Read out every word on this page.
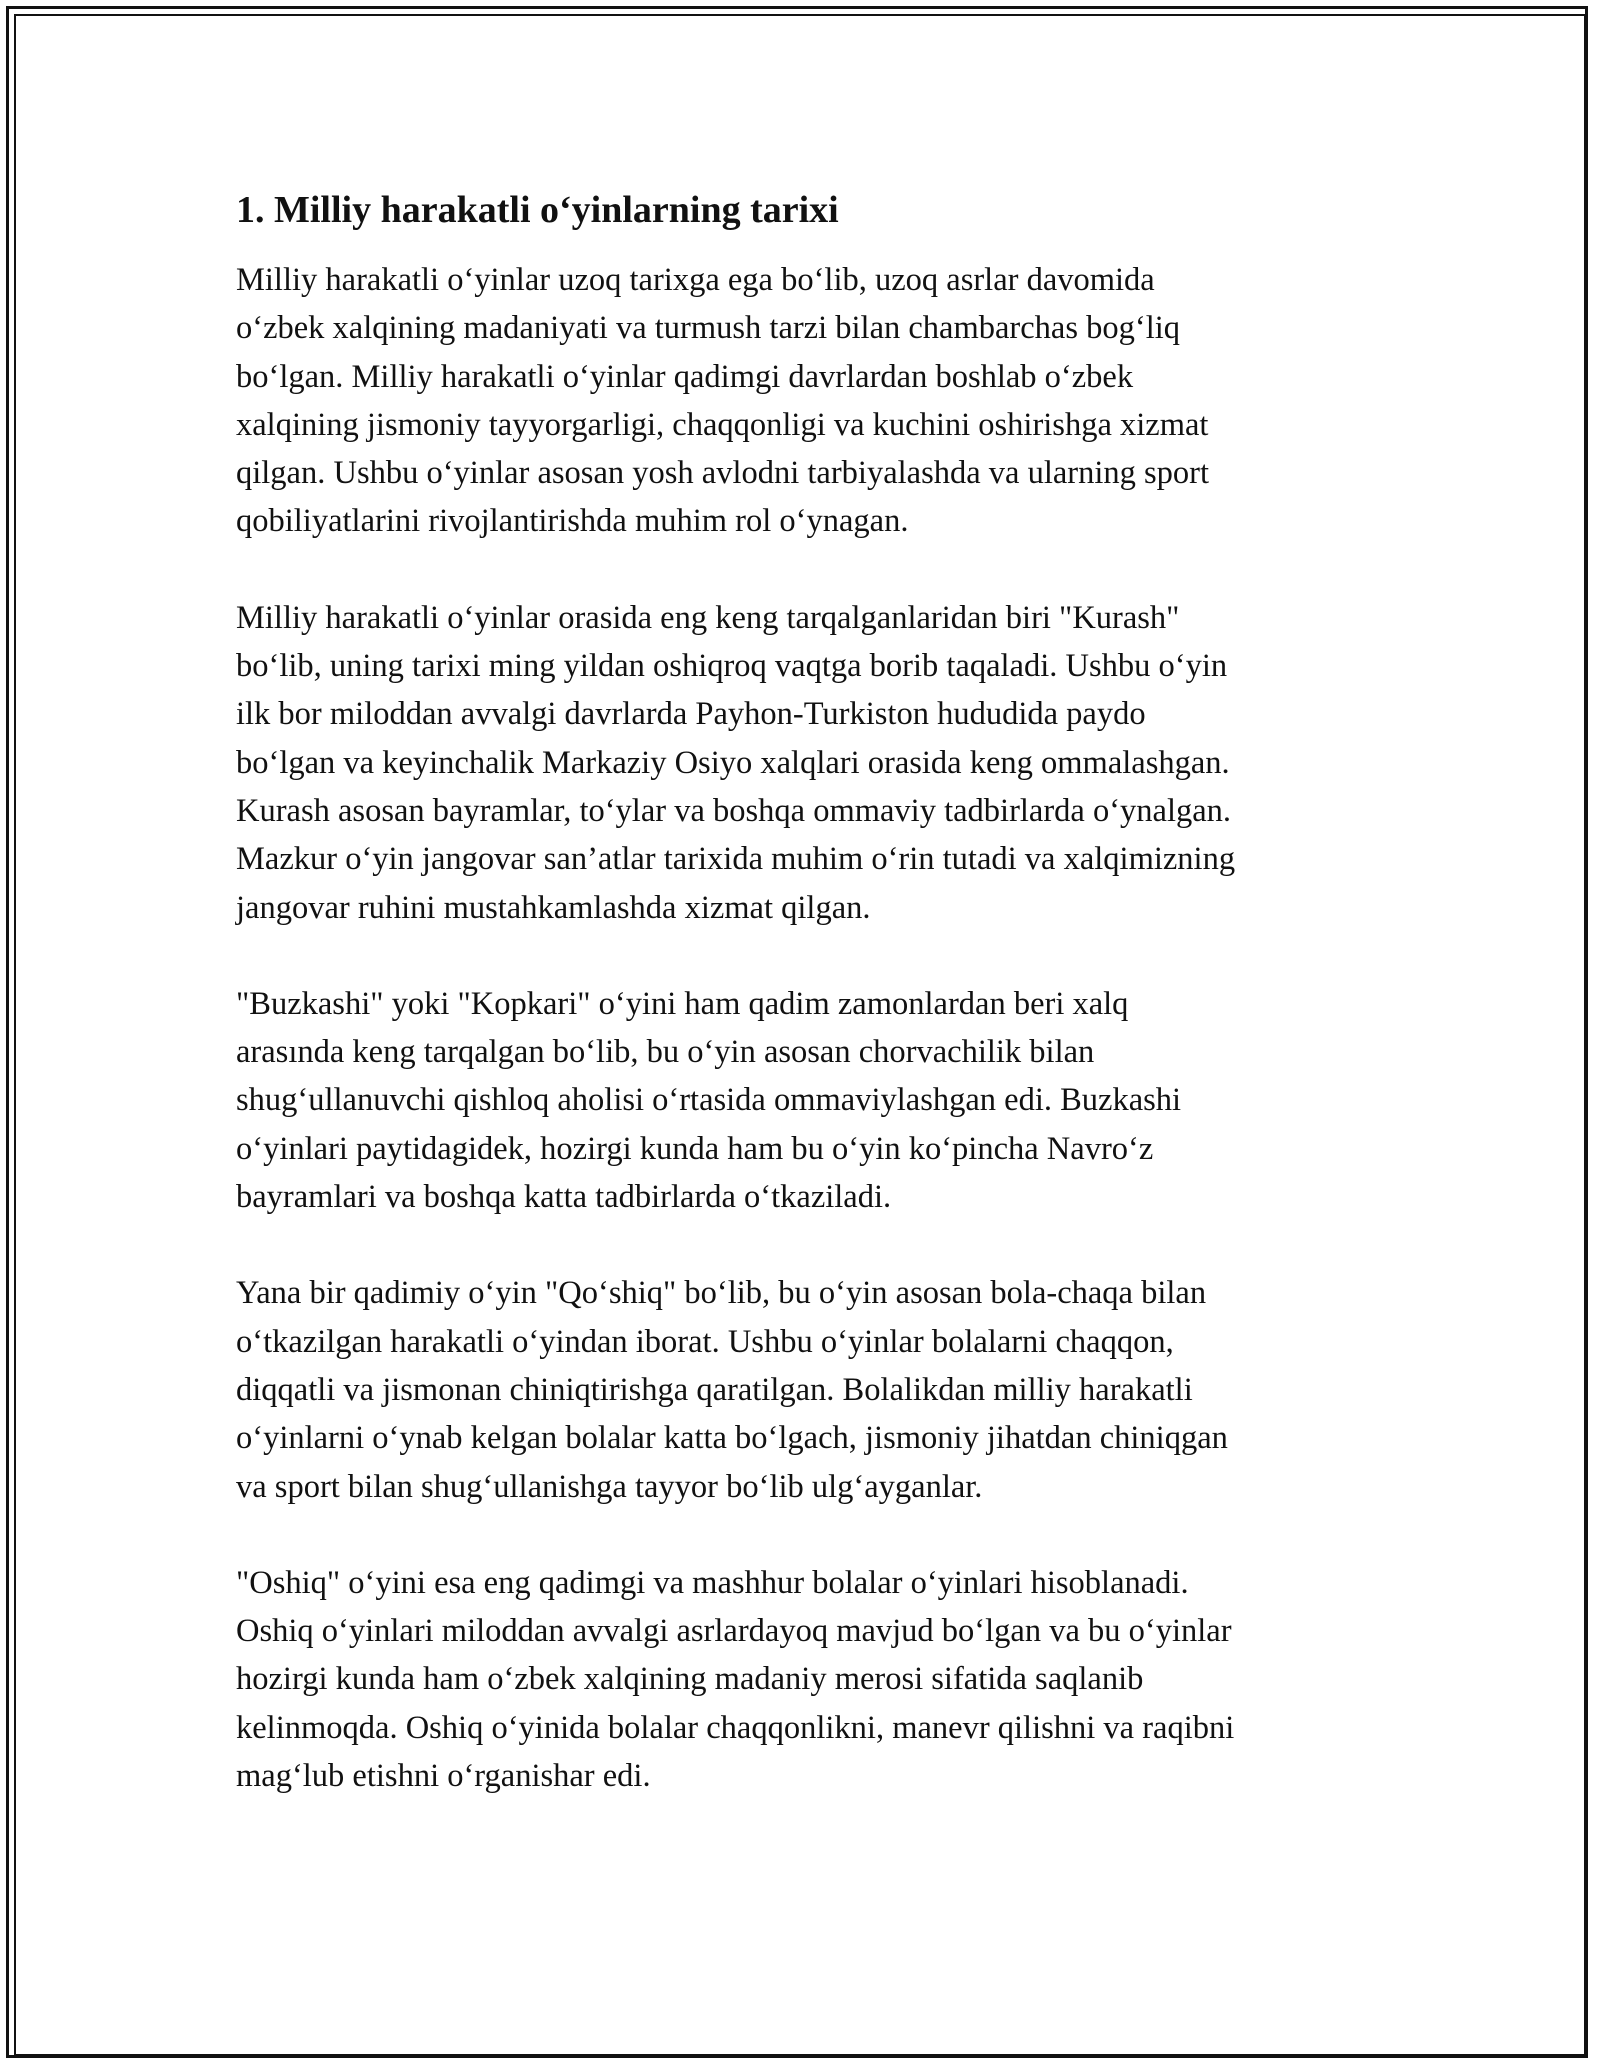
1. Milliy harakatli o‘yinlarning tarixi
Milliy harakatli o‘yinlar uzoq tarixga ega bo‘lib, uzoq asrlar davomida
o‘zbek xalqining madaniyati va turmush tarzi bilan chambarchas bog‘liq
bo‘lgan. Milliy harakatli o‘yinlar qadimgi davrlardan boshlab o‘zbek
xalqining jismoniy tayyorgarligi, chaqqonligi va kuchini oshirishga xizmat
qilgan. Ushbu o‘yinlar asosan yosh avlodni tarbiyalashda va ularning sport
qobiliyatlarini rivojlantirishda muhim rol o‘ynagan.
Milliy harakatli o‘yinlar orasida eng keng tarqalganlaridan biri "Kurash"
bo‘lib, uning tarixi ming yildan oshiqroq vaqtga borib taqaladi. Ushbu o‘yin
ilk bor miloddan avvalgi davrlarda Payhon-Turkiston hududida paydo
bo‘lgan va keyinchalik Markaziy Osiyo xalqlari orasida keng ommalashgan.
Kurash asosan bayramlar, to‘ylar va boshqa ommaviy tadbirlarda o‘ynalgan.
Mazkur o‘yin jangovar san’atlar tarixida muhim o‘rin tutadi va xalqimizning
jangovar ruhini mustahkamlashda xizmat qilgan.
"Buzkashi" yoki "Kopkari" o‘yini ham qadim zamonlardan beri xalq
arasında keng tarqalgan bo‘lib, bu o‘yin asosan chorvachilik bilan
shug‘ullanuvchi qishloq aholisi o‘rtasida ommaviylashgan edi. Buzkashi
o‘yinlari paytidagidek, hozirgi kunda ham bu o‘yin ko‘pincha Navro‘z
bayramlari va boshqa katta tadbirlarda o‘tkaziladi.
Yana bir qadimiy o‘yin "Qo‘shiq" bo‘lib, bu o‘yin asosan bola-chaqa bilan
o‘tkazilgan harakatli o‘yindan iborat. Ushbu o‘yinlar bolalarni chaqqon,
diqqatli va jismonan chiniqtirishga qaratilgan. Bolalikdan milliy harakatli
o‘yinlarni o‘ynab kelgan bolalar katta bo‘lgach, jismoniy jihatdan chiniqgan
va sport bilan shug‘ullanishga tayyor bo‘lib ulg‘ayganlar.
"Oshiq" o‘yini esa eng qadimgi va mashhur bolalar o‘yinlari hisoblanadi.
Oshiq o‘yinlari miloddan avvalgi asrlardayoq mavjud bo‘lgan va bu o‘yinlar
hozirgi kunda ham o‘zbek xalqining madaniy merosi sifatida saqlanib
kelinmoqda. Oshiq o‘yinida bolalar chaqqonlikni, manevr qilishni va raqibni
mag‘lub etishni o‘rganishar edi.
